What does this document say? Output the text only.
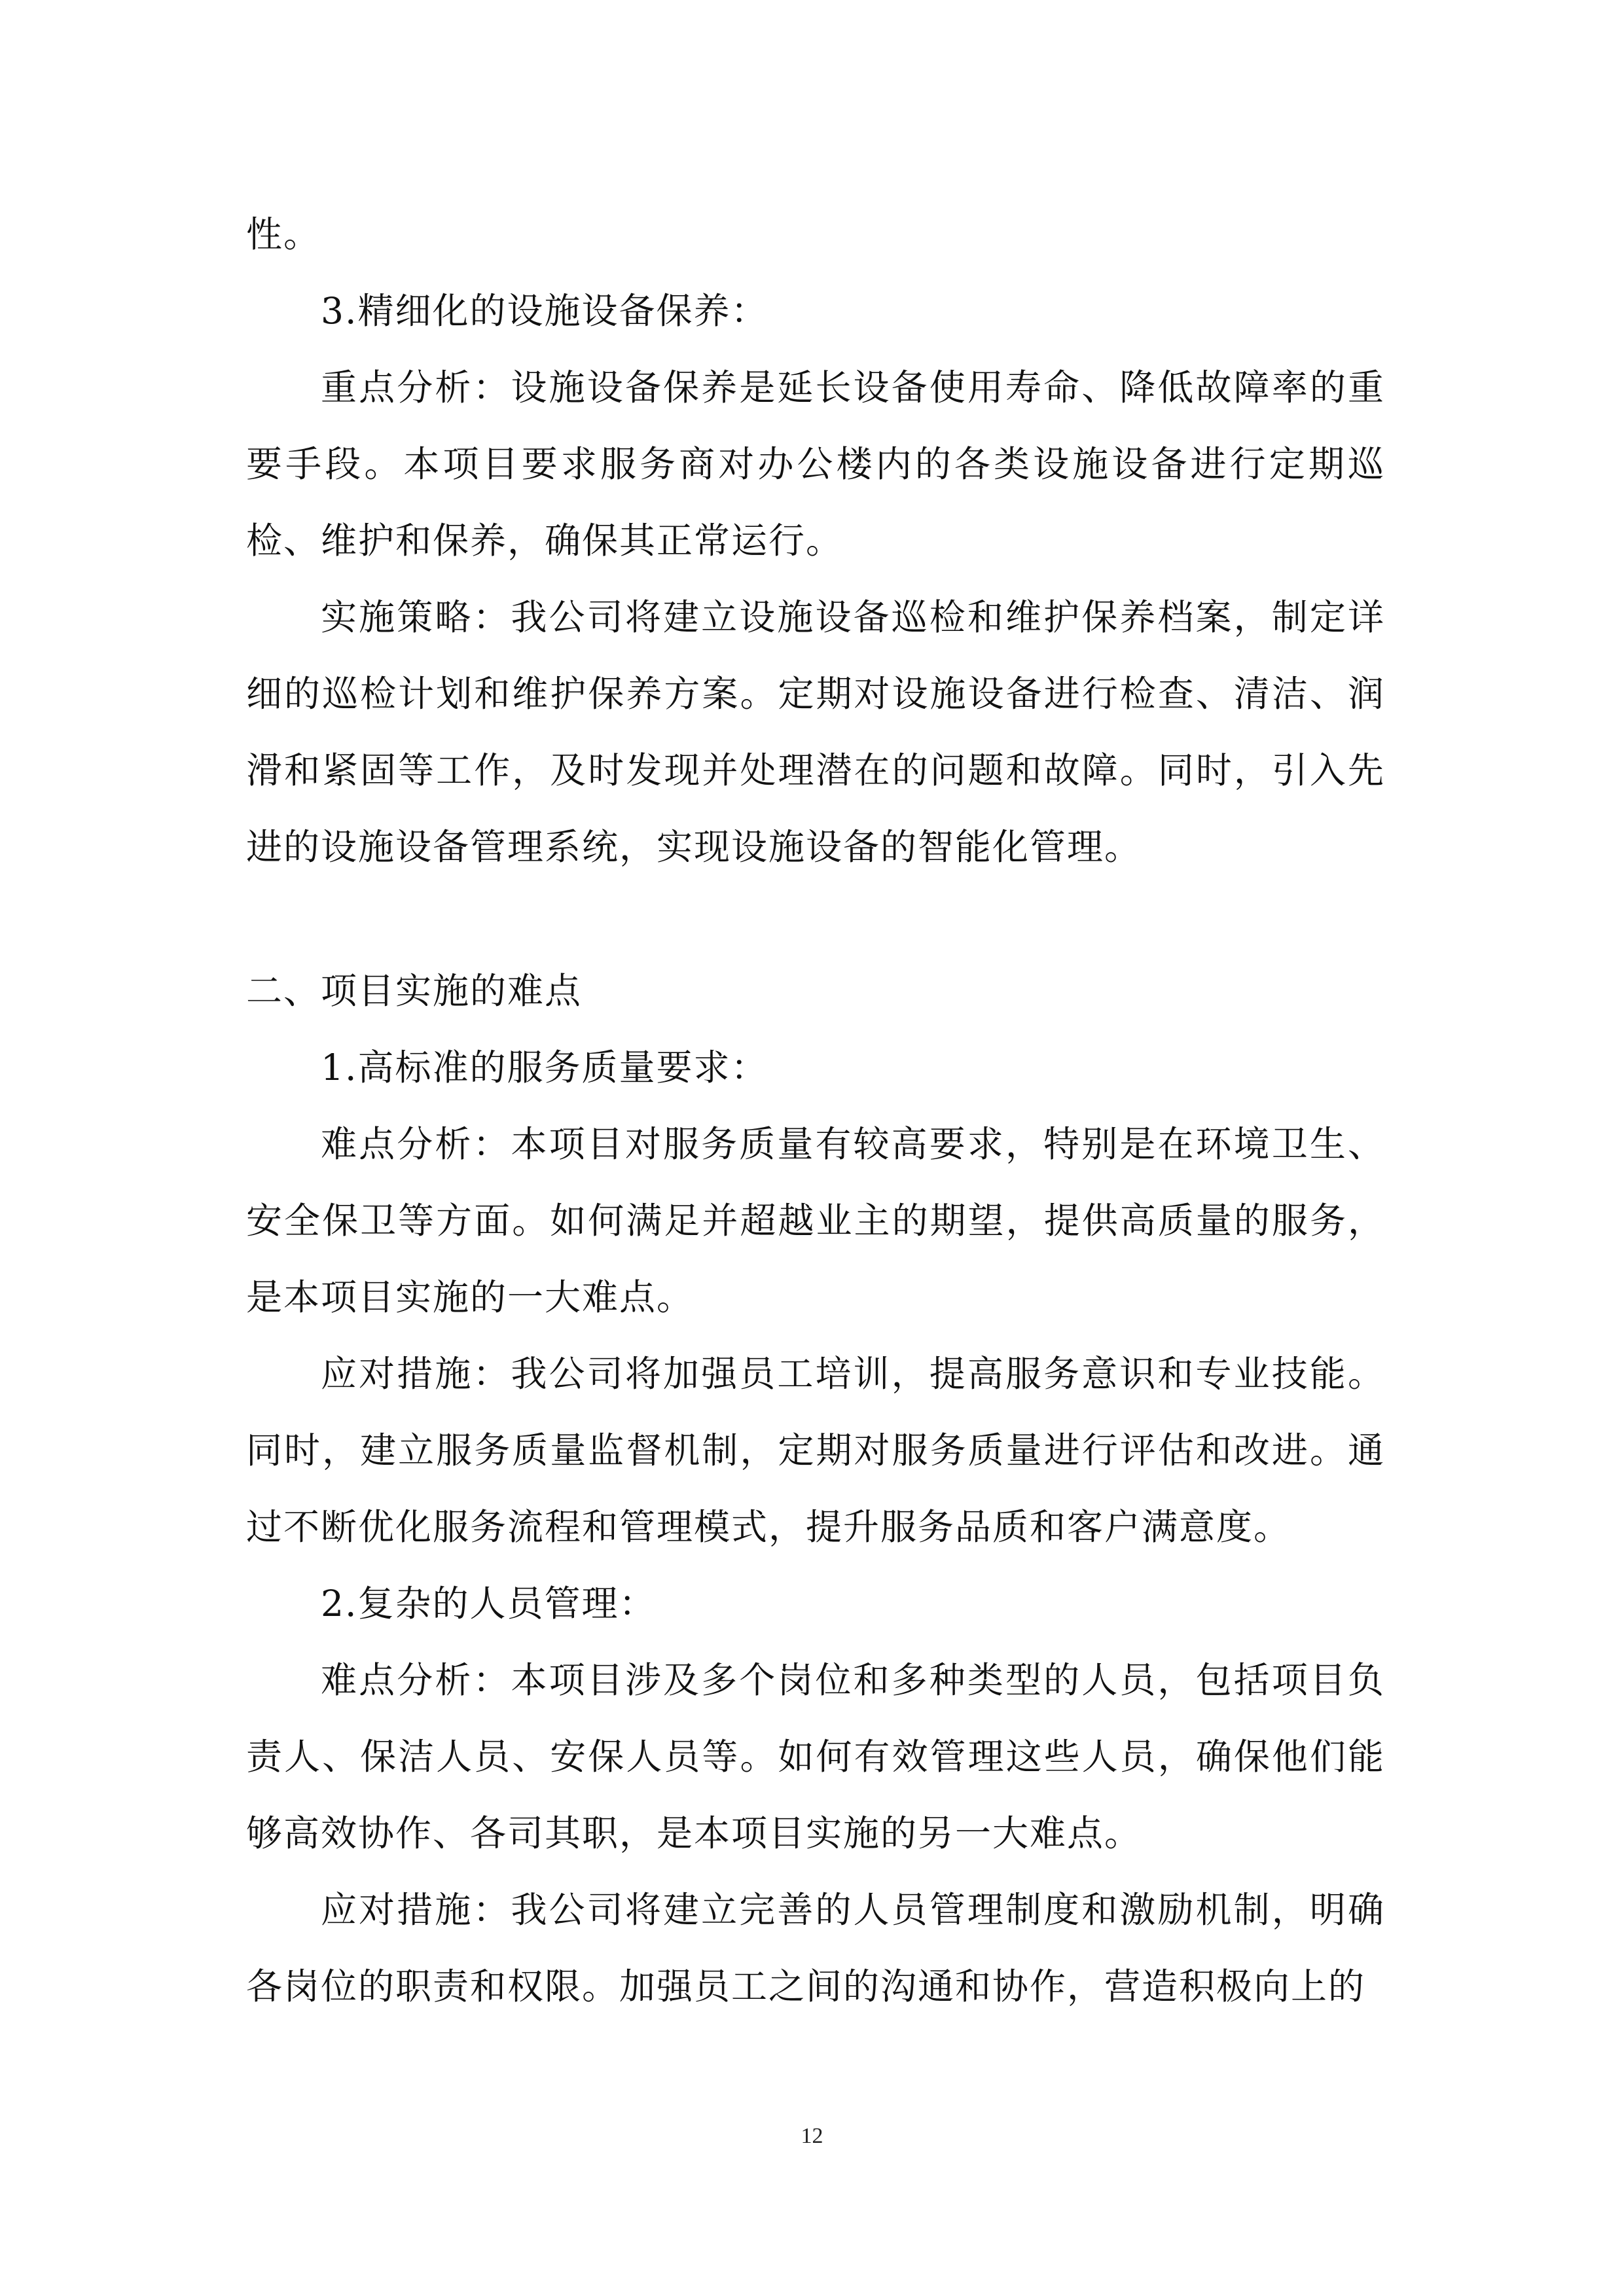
性。

3.精细化的设施设备保养：

重点分析：设施设备保养是延长设备使用寿命、降低故障率的重要手段。本项目要求服务商对办公楼内的各类设施设备进行定期巡检、维护和保养，确保其正常运行。

实施策略：我公司将建立设施设备巡检和维护保养档案，制定详细的巡检计划和维护保养方案。定期对设施设备进行检查、清洁、润滑和紧固等工作，及时发现并处理潜在的问题和故障。同时，引入先进的设施设备管理系统，实现设施设备的智能化管理。

二、项目实施的难点

1.高标准的服务质量要求：

难点分析：本项目对服务质量有较高要求，特别是在环境卫生、安全保卫等方面。如何满足并超越业主的期望，提供高质量的服务，是本项目实施的一大难点。

应对措施：我公司将加强员工培训，提高服务意识和专业技能。同时，建立服务质量监督机制，定期对服务质量进行评估和改进。通过不断优化服务流程和管理模式，提升服务品质和客户满意度。

2.复杂的人员管理：

难点分析：本项目涉及多个岗位和多种类型的人员，包括项目负责人、保洁人员、安保人员等。如何有效管理这些人员，确保他们能够高效协作、各司其职，是本项目实施的另一大难点。

应对措施：我公司将建立完善的人员管理制度和激励机制，明确各岗位的职责和权限。加强员工之间的沟通和协作，营造积极向上的

12
